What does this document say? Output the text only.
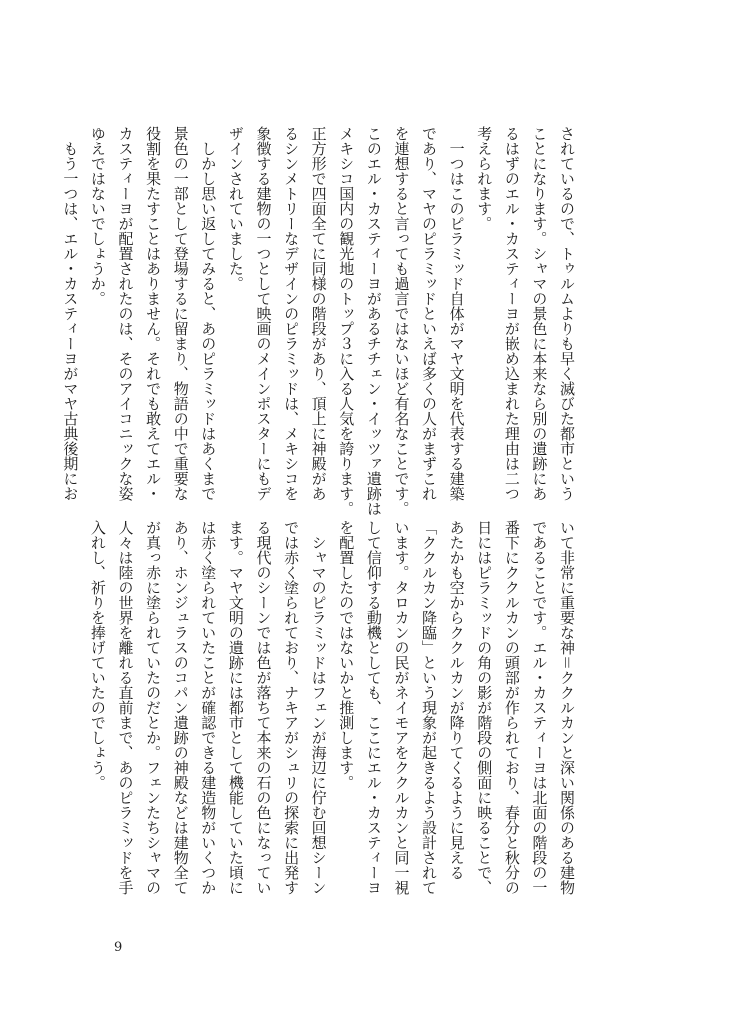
されているので、トゥルムよりも早く滅びた都市という
ことになります。シャマの景色に本来なら別の遺跡にあ
るはずのエル・カスティーヨが嵌め込まれた理由は二つ
考えられます。
　一つはこのピラミッド自体がマヤ文明を代表する建築
であり、マヤのピラミッドといえば多くの人がまずこれ
を連想すると言っても過言ではないほど有名なことです。
このエル・カスティーヨがあるチチェン・イッツァ遺跡は
メキシコ国内の観光地のトップ３に入る人気を誇ります。
正方形で四面全てに同様の階段があり、頂上に神殿があ
るシンメトリーなデザインのピラミッドは、メキシコを
象徴する建物の一つとして映画のメインポスターにもデ
ザインされていました。
　しかし思い返してみると、あのピラミッドはあくまで
景色の一部として登場するに留まり、物語の中で重要な
役割を果たすことはありません。それでも敢えてエル・
カスティーヨが配置されたのは、そのアイコニックな姿
ゆえではないでしょうか。
　もう一つは、エル・カスティーヨがマヤ古典後期にお
いて非常に重要な神＝ククルカンと深い関係のある建物
であることです。エル・カスティーヨは北面の階段の一
番下にククルカンの頭部が作られており、春分と秋分の
日にはピラミッドの角の影が階段の側面に映ることで、
あたかも空からククルカンが降りてくるように見える
「ククルカン降臨」という現象が起きるよう設計されて
います。タロカンの民がネイモアをククルカンと同一視
して信仰する動機としても、ここにエル・カスティーヨ
を配置したのではないかと推測します。
　シャマのピラミッドはフェンが海辺に佇む回想シーン
では赤く塗られており、ナキアがシュリの探索に出発す
る現代のシーンでは色が落ちて本来の石の色になってい
ます。マヤ文明の遺跡には都市として機能していた頃に
は赤く塗られていたことが確認できる建造物がいくつか
あり、ホンジュラスのコパン遺跡の神殿などは建物全て
が真っ赤に塗られていたのだとか。フェンたちシャマの
人々は陸の世界を離れる直前まで、あのピラミッドを手
入れし、祈りを捧げていたのでしょう。
9
